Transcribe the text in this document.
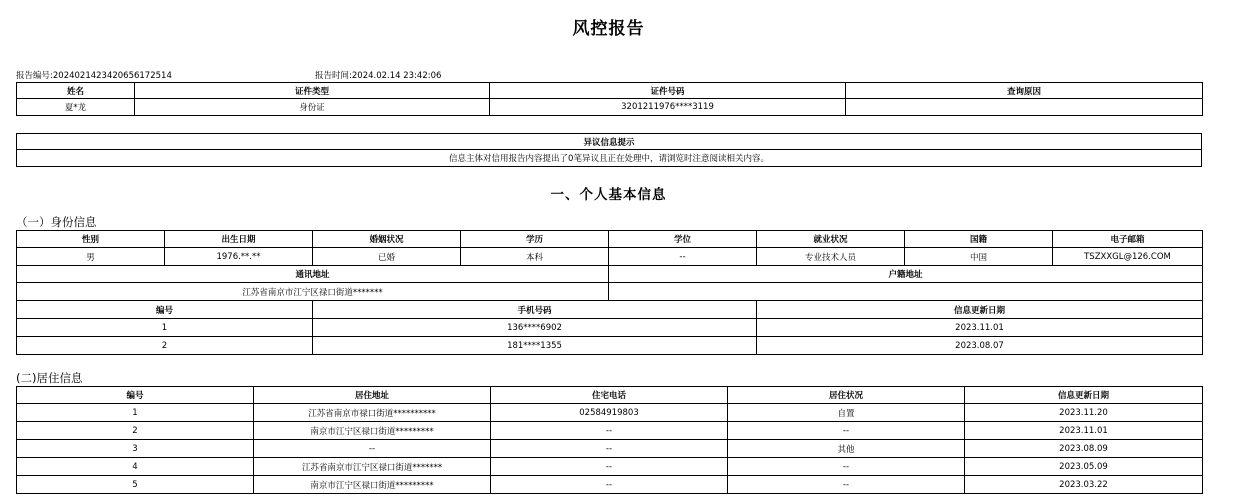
风控报告
报告编号:20240214234206561725​14	报告时间:2024.02.14 23:42:06
姓名	证件类型	证件号码	查询原因
夏*龙	身份证	3201211976****3119	
异议信息提示
信息主体对信用报告内容提出了0笔异议且正在处理中，请浏览时注意阅读相关内容。
一、个人基本信息
（一）身份信息
性别	出生日期	婚姻状况	学历	学位	就业状况	国籍	电子邮箱
男	1976.**.**	已婚	本科	--	专业技术人员	中国	TSZXXGL@126.COM
通讯地址				户籍地址			
江苏省南京市江宁区禄口街道*******							
编号	手机号码	信息更新日期
1	136****6902	2023.11.01
2	181****1355	2023.08.07
(二)居住信息
编号	居住地址	住宅电话	居住状况	信息更新日期
1	江苏省南京市禄口街道**********	02584919803	自置	2023.11.20
2	南京市江宁区禄口街道*********	--	--	2023.11.01
3	--	--	其他	2023.08.09
4	江苏省南京市江宁区禄口街道*******	--	--	2023.05.09
5	南京市江宁区禄口街道*********	--	--	2023.03.22
